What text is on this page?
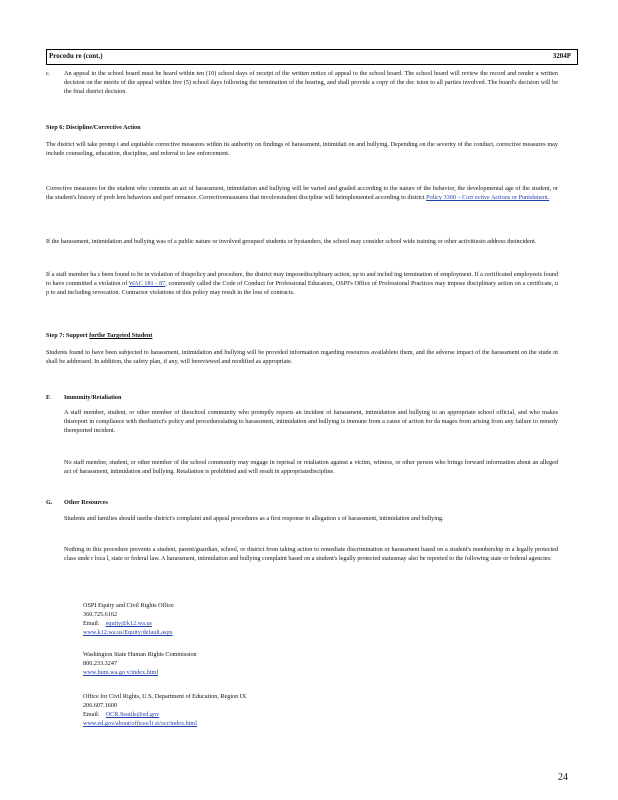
Procedu re (cont.)	3204P
c. An appeal to the school board must be heard within ten (10) school days of receipt of the written notice of appeal to the school board. The school board will review the record and render a written decision on the merits of the appeal within five (5) school days following the termination of the hearing, and shall provide a copy of the dec ision to all parties involved. The board's decision will be the final district decision.
Step 6: Discipline/Corrective Action
The district will take promp t and equitable corrective measures within its authority on findings of harassment, intimidati on and bullying. Depending on the severity of the conduct, corrective measures may include counseling, education, discipline, and referral to law enforcement.
Corrective measures for the student who commits an act of harassment, intimidation and bullying will be varied and graded according to the nature of the behavior, the developmental age of the student, or the student's history of prob lem behaviors and perf ormance. Correctivemeasures that involvestudent discipline will beimplemented according to district Policy 3300 – Corr ective Actions or Punishment.
If the harassment, intimidation and bullying was of a public nature or involved groupsof students or bystanders, the school may consider school wide training or other activitiesto address theincident.
If a staff member ha s been found to be in violation of thispolicy and procedure, the district may imposedisciplinary action, up to and includ ing termination of employment. If a certificated employeeis found to have committed a violation of WAC 181 - 87, commonly called the Code of Conduct for Professional Educators, OSPI's Office of Professional Practices may impose disciplinary action on a certificate, u p to and including revocation. Contractor violations of this policy may result in the loss of contracts.
Step 7: Support forthe Targeted Student
Students found to have been subjected to harassment, intimidation and bullying will be provided information regarding resources availableto them, and the adverse impact of the harassment on the stude nt shall be addressed. In addition, the safety plan, if any, will bereviewed and modified as appropriate.
F. Immunity/Retaliation
A staff member, student, or other member of theschool community who promptly reports an incident of harassment, intimidation and bullying to an appropriate school official, and who makes thisreport in compliance with thedistrict's policy and procedureslating to harassment, intimidation and bullying is immune from a cause of action for da mages from arising from any failure to remedy thereported incident.
No staff member, student, or other member of the school community may engage in reprisal or retaliation against a victim, witness, or other person who brings forward information about an alleged act of harassment, intimidation and bullying. Retaliation is prohibited and will result in appropriatediscipline.
G. Other Resources
Students and families should usethe district's complaint and appeal procedures as a first response to allegation s of harassment, intimidation and bullying.
Nothing in this procedure prevents a student, parent/guardian, school, or district from taking action to remediate discrimination or harassment based on a student's membership in a legally protected class unde r loca l, state or federal law. A harassment, intimidation and bullying complaint based on a student's legally protected statusmay also be reported to the following state or federal agencies:
OSPI Equity and Civil Rights Office
360.725.6162
Email: equity@k12.wa.us
www.k12.wa.us/Equity/default.aspx
Washington State Human Rights Commission
800.233.3247
www.hum.wa.go v/index.html
Office for Civil Rights, U.S. Department of Education, Region IX
206.607.1600
Email: OCR.Seattle@ed.gov
www.ed.gov/about/offices/li st/ocr/index.html
24
